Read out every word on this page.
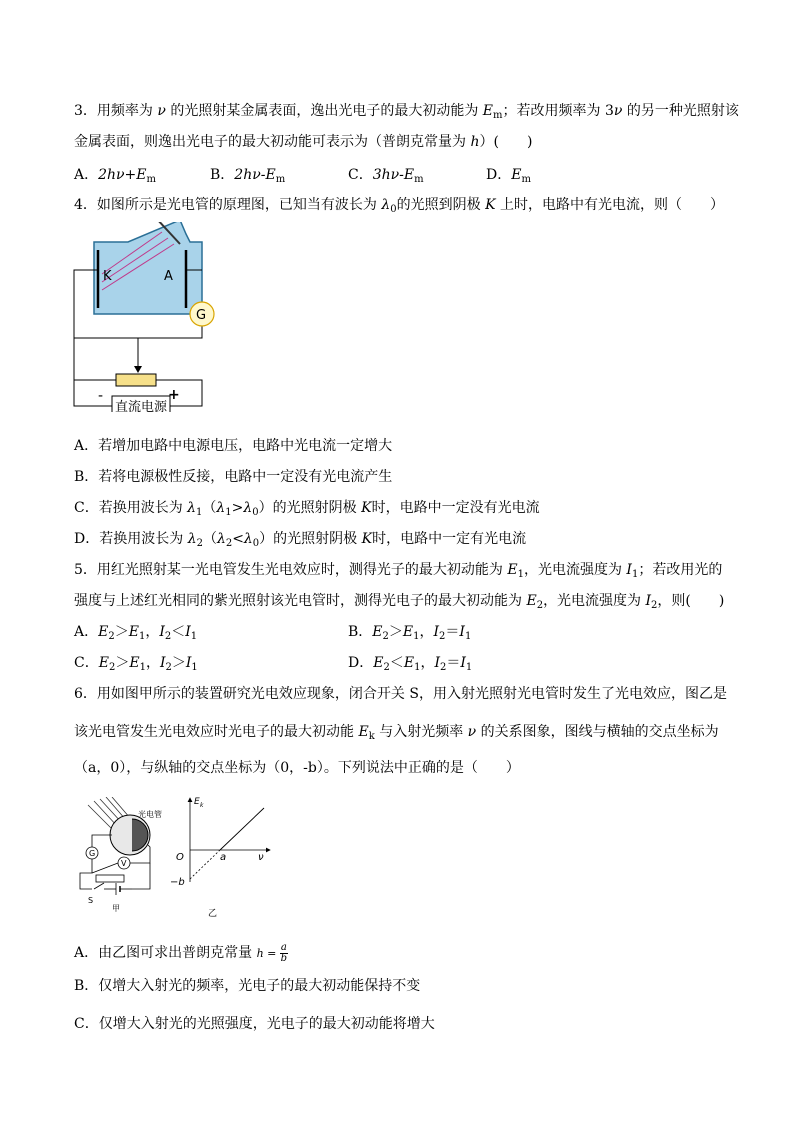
3．用频率为 ν 的光照射某金属表面，逸出光电子的最大初动能为 $E_m$；若改用频率为 3ν 的另一种光照射该
金属表面，则逸出光电子的最大初动能可表示为（普朗克常量为 h）(　　)
A．$2h\nu+E_m$	B．$2h\nu-E_m$	C．$3h\nu-E_m$	D．$E_m$
4．如图所示是光电管的原理图，已知当有波长为 $\lambda_0$的光照到阴极 K 上时，电路中有光电流，则（　　）
K	A
G
直流电源
-	+
A．若增加电路中电源电压，电路中光电流一定增大
B．若将电源极性反接，电路中一定没有光电流产生
C．若换用波长为 $\lambda_1(\lambda_1>\lambda_0)$的光照射阴极 K时，电路中一定没有光电流
D．若换用波长为 $\lambda_2(\lambda_2<\lambda_0)$的光照射阴极 K时，电路中一定有光电流
5．用红光照射某一光电管发生光电效应时，测得光子的最大初动能为 $E_1$，光电流强度为 $I_1$；若改用光的
强度与上述红光相同的紫光照射该光电管时，测得光电子的最大初动能为 $E_2$，光电流强度为 $I_2$，则(　　)
A．$E_2>E_1$，$I_2<I_1$	B．$E_2>E_1$，$I_2=I_1$
C．$E_2>E_1$，$I_2>I_1$	D．$E_2<E_1$，$I_2=I_1$
6．用如图甲所示的装置研究光电效应现象，闭合开关 S，用入射光照射光电管时发生了光电效应，图乙是
该光电管发生光电效应时光电子的最大初动能 $E_k$ 与入射光频率 ν 的关系图象，图线与横轴的交点坐标为
（a，0），与纵轴的交点坐标为（0，-b）。下列说法中正确的是（　　）
光电管
G
V
S
甲
E k
O	a	ν
−b
乙
A．由乙图可求出普朗克常量 $h = \frac{a}{b}$
B．仅增大入射光的频率，光电子的最大初动能保持不变
C．仅增大入射光的光照强度，光电子的最大初动能将增大
